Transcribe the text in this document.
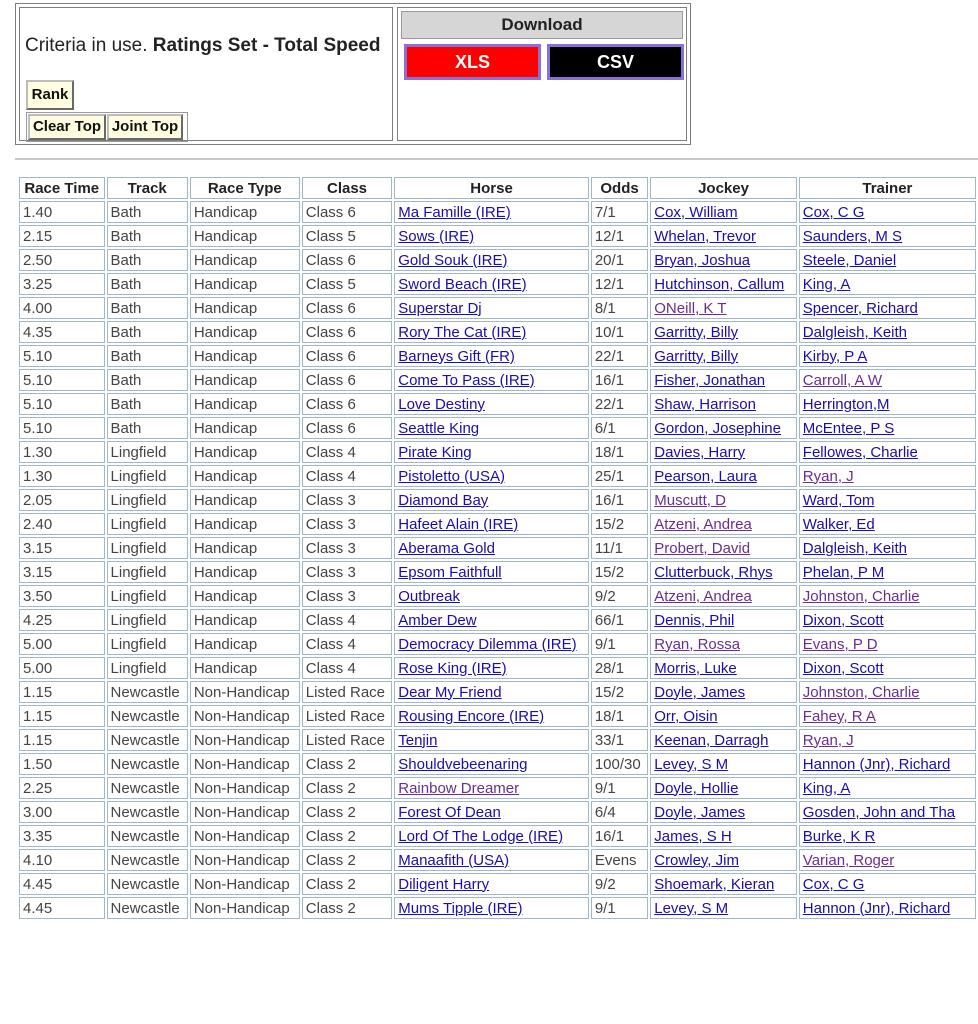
Criteria in use. Ratings Set - Total Speed
Rank
Clear Top Joint Top
Download
XLS	CSV
Race Time	Track	Race Type	Class	Horse	Odds	Jockey	Trainer
1.40	Bath	Handicap	Class 6	Ma Famille (IRE)	7/1	Cox, William	Cox, C G
2.15	Bath	Handicap	Class 5	Sows (IRE)	12/1	Whelan, Trevor	Saunders, M S
2.50	Bath	Handicap	Class 6	Gold Souk (IRE)	20/1	Bryan, Joshua	Steele, Daniel
3.25	Bath	Handicap	Class 5	Sword Beach (IRE)	12/1	Hutchinson, Callum	King, A
4.00	Bath	Handicap	Class 6	Superstar Dj	8/1	ONeill, K T	Spencer, Richard
4.35	Bath	Handicap	Class 6	Rory The Cat (IRE)	10/1	Garritty, Billy	Dalgleish, Keith
5.10	Bath	Handicap	Class 6	Barneys Gift (FR)	22/1	Garritty, Billy	Kirby, P A
5.10	Bath	Handicap	Class 6	Come To Pass (IRE)	16/1	Fisher, Jonathan	Carroll, A W
5.10	Bath	Handicap	Class 6	Love Destiny	22/1	Shaw, Harrison	Herrington,M
5.10	Bath	Handicap	Class 6	Seattle King	6/1	Gordon, Josephine	McEntee, P S
1.30	Lingfield	Handicap	Class 4	Pirate King	18/1	Davies, Harry	Fellowes, Charlie
1.30	Lingfield	Handicap	Class 4	Pistoletto (USA)	25/1	Pearson, Laura	Ryan, J
2.05	Lingfield	Handicap	Class 3	Diamond Bay	16/1	Muscutt, D	Ward, Tom
2.40	Lingfield	Handicap	Class 3	Hafeet Alain (IRE)	15/2	Atzeni, Andrea	Walker, Ed
3.15	Lingfield	Handicap	Class 3	Aberama Gold	11/1	Probert, David	Dalgleish, Keith
3.15	Lingfield	Handicap	Class 3	Epsom Faithfull	15/2	Clutterbuck, Rhys	Phelan, P M
3.50	Lingfield	Handicap	Class 3	Outbreak	9/2	Atzeni, Andrea	Johnston, Charlie
4.25	Lingfield	Handicap	Class 4	Amber Dew	66/1	Dennis, Phil	Dixon, Scott
5.00	Lingfield	Handicap	Class 4	Democracy Dilemma (IRE)	9/1	Ryan, Rossa	Evans, P D
5.00	Lingfield	Handicap	Class 4	Rose King (IRE)	28/1	Morris, Luke	Dixon, Scott
1.15	Newcastle	Non-Handicap	Listed Race	Dear My Friend	15/2	Doyle, James	Johnston, Charlie
1.15	Newcastle	Non-Handicap	Listed Race	Rousing Encore (IRE)	18/1	Orr, Oisin	Fahey, R A
1.15	Newcastle	Non-Handicap	Listed Race	Tenjin	33/1	Keenan, Darragh	Ryan, J
1.50	Newcastle	Non-Handicap	Class 2	Shouldvebeenaring	100/30	Levey, S M	Hannon (Jnr), Richard
2.25	Newcastle	Non-Handicap	Class 2	Rainbow Dreamer	9/1	Doyle, Hollie	King, A
3.00	Newcastle	Non-Handicap	Class 2	Forest Of Dean	6/4	Doyle, James	Gosden, John and Tha
3.35	Newcastle	Non-Handicap	Class 2	Lord Of The Lodge (IRE)	16/1	James, S H	Burke, K R
4.10	Newcastle	Non-Handicap	Class 2	Manaafith (USA)	Evens	Crowley, Jim	Varian, Roger
4.45	Newcastle	Non-Handicap	Class 2	Diligent Harry	9/2	Shoemark, Kieran	Cox, C G
4.45	Newcastle	Non-Handicap	Class 2	Mums Tipple (IRE)	9/1	Levey, S M	Hannon (Jnr), Richard
